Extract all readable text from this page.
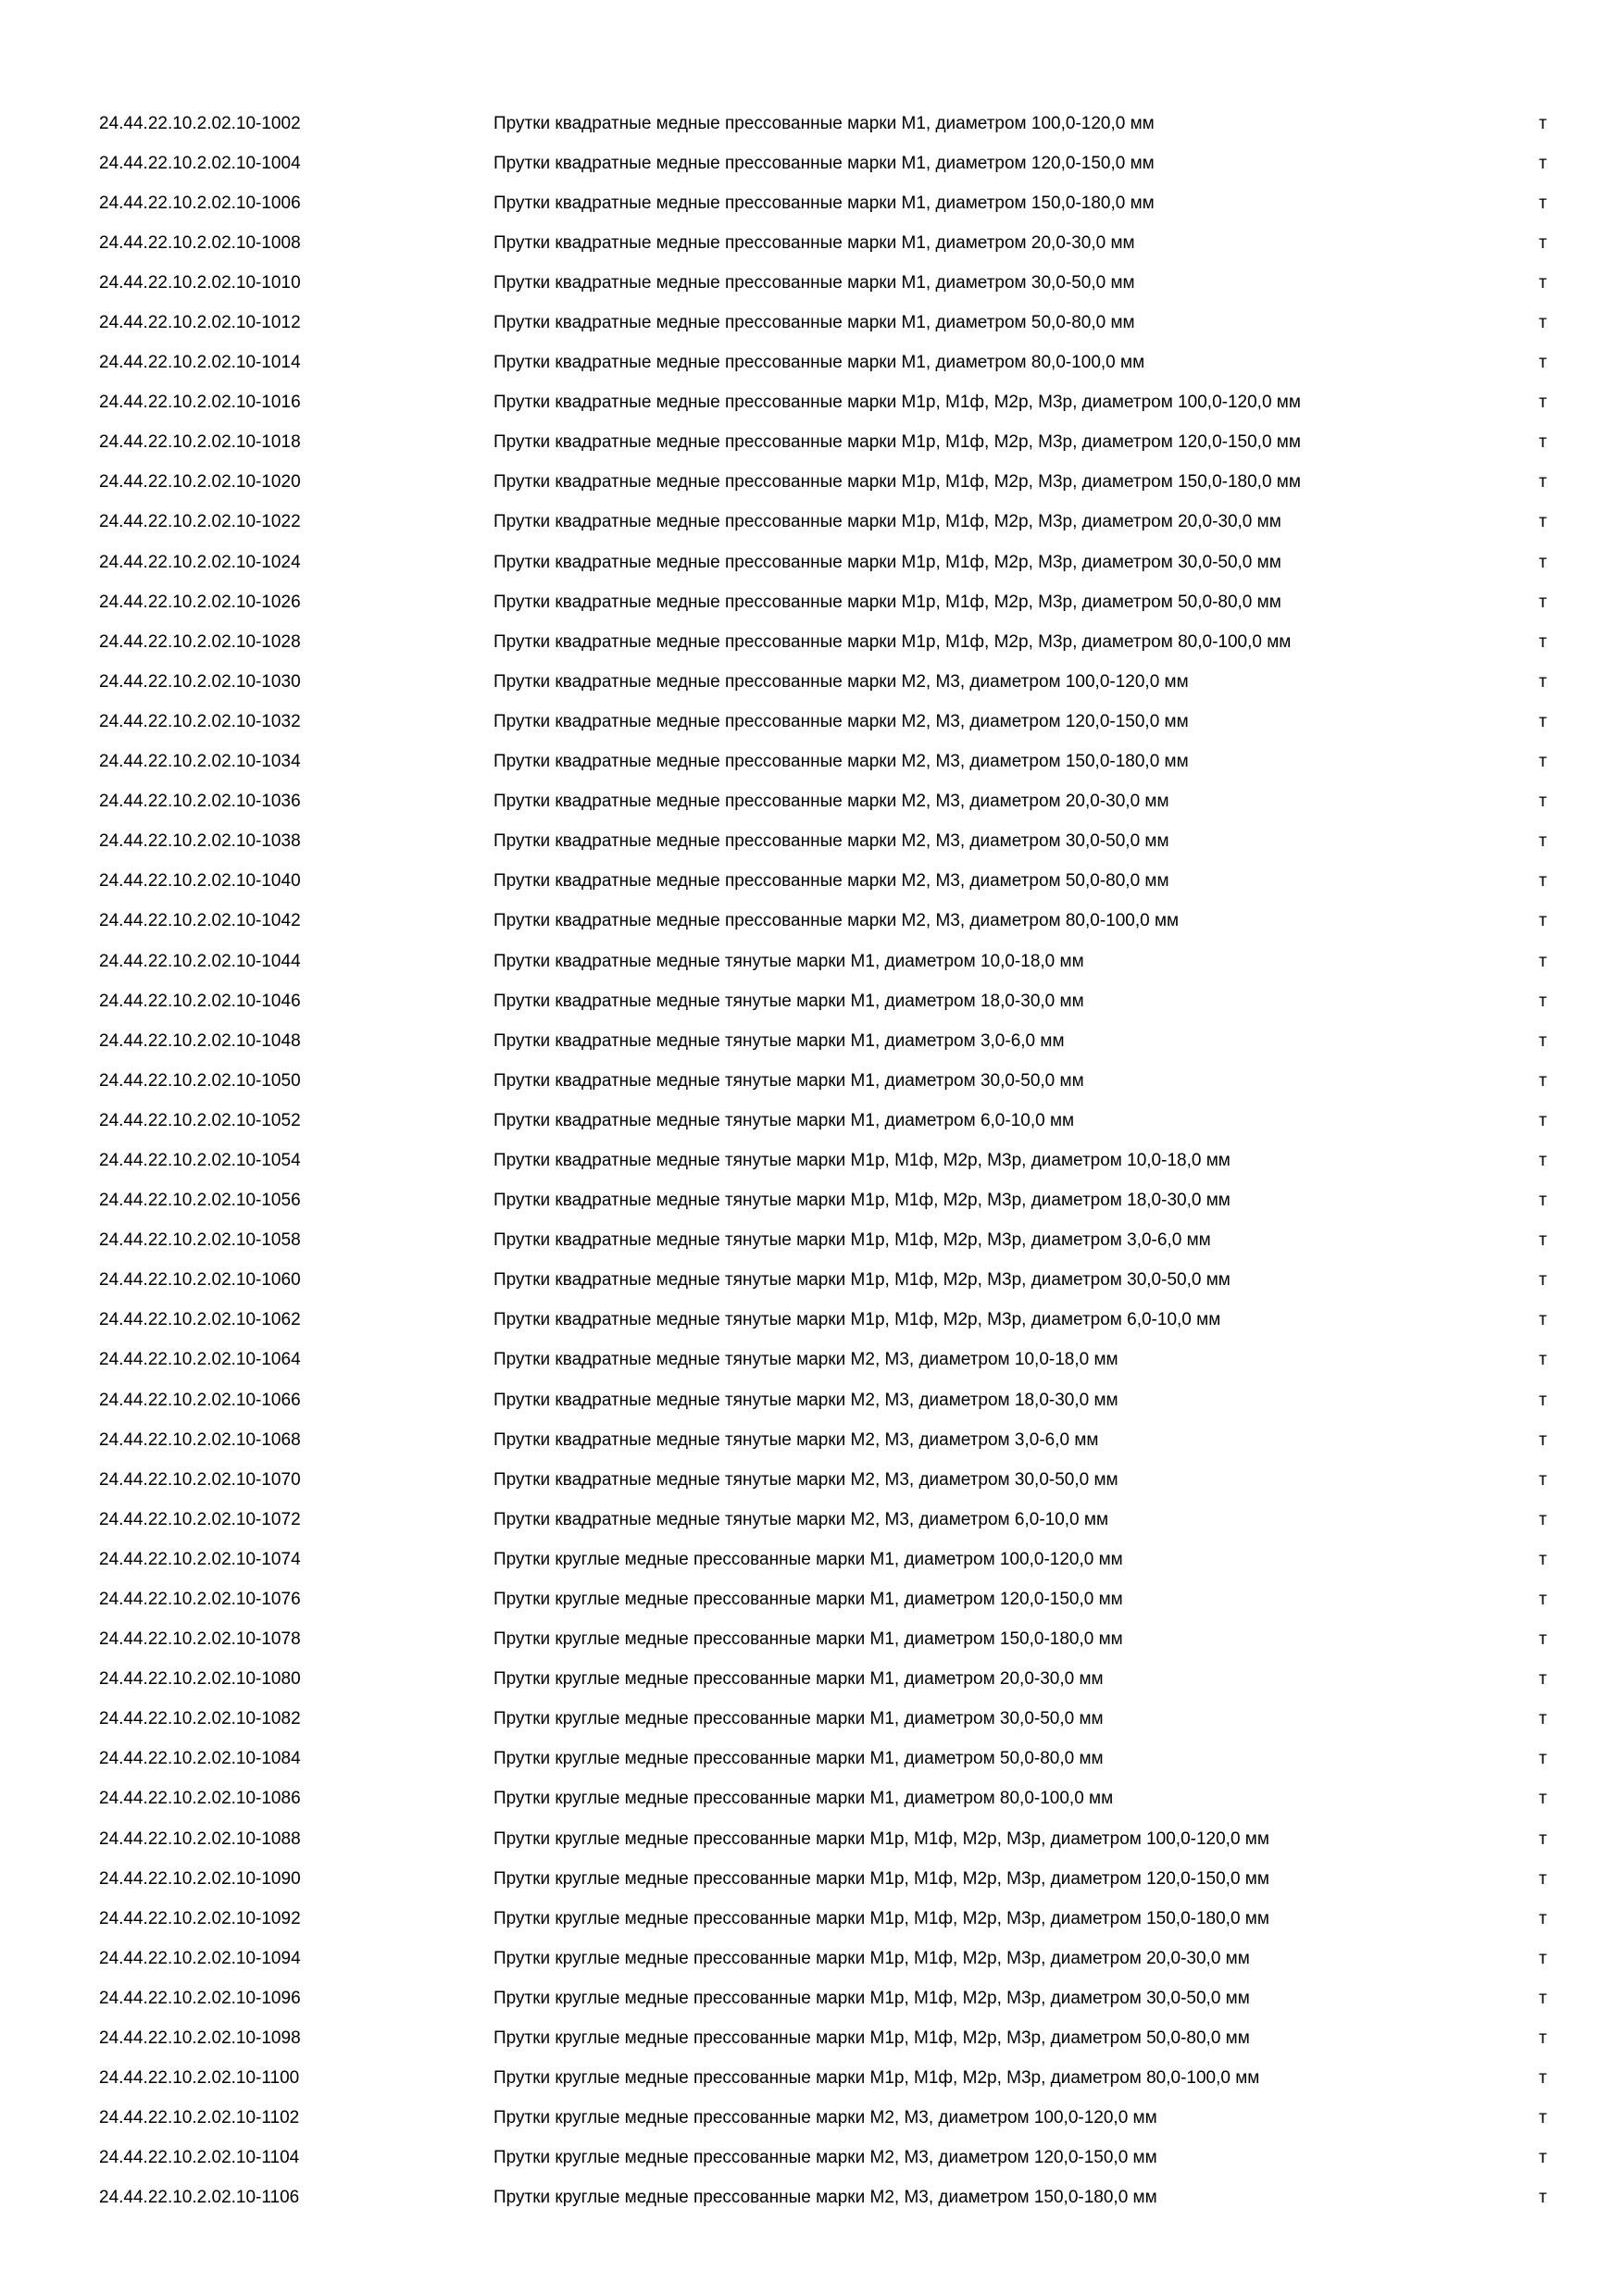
24.44.22.10.2.02.10-1002	Прутки квадратные медные прессованные марки М1, диаметром 100,0-120,0 мм	т
24.44.22.10.2.02.10-1004	Прутки квадратные медные прессованные марки М1, диаметром 120,0-150,0 мм	т
24.44.22.10.2.02.10-1006	Прутки квадратные медные прессованные марки М1, диаметром 150,0-180,0 мм	т
24.44.22.10.2.02.10-1008	Прутки квадратные медные прессованные марки М1, диаметром 20,0-30,0 мм	т
24.44.22.10.2.02.10-1010	Прутки квадратные медные прессованные марки М1, диаметром 30,0-50,0 мм	т
24.44.22.10.2.02.10-1012	Прутки квадратные медные прессованные марки М1, диаметром 50,0-80,0 мм	т
24.44.22.10.2.02.10-1014	Прутки квадратные медные прессованные марки М1, диаметром 80,0-100,0 мм	т
24.44.22.10.2.02.10-1016	Прутки квадратные медные прессованные марки М1р, М1ф, М2р, М3р, диаметром 100,0-120,0 мм	т
24.44.22.10.2.02.10-1018	Прутки квадратные медные прессованные марки М1р, М1ф, М2р, М3р, диаметром 120,0-150,0 мм	т
24.44.22.10.2.02.10-1020	Прутки квадратные медные прессованные марки М1р, М1ф, М2р, М3р, диаметром 150,0-180,0 мм	т
24.44.22.10.2.02.10-1022	Прутки квадратные медные прессованные марки М1р, М1ф, М2р, М3р, диаметром 20,0-30,0 мм	т
24.44.22.10.2.02.10-1024	Прутки квадратные медные прессованные марки М1р, М1ф, М2р, М3р, диаметром 30,0-50,0 мм	т
24.44.22.10.2.02.10-1026	Прутки квадратные медные прессованные марки М1р, М1ф, М2р, М3р, диаметром 50,0-80,0 мм	т
24.44.22.10.2.02.10-1028	Прутки квадратные медные прессованные марки М1р, М1ф, М2р, М3р, диаметром 80,0-100,0 мм	т
24.44.22.10.2.02.10-1030	Прутки квадратные медные прессованные марки М2, М3, диаметром 100,0-120,0 мм	т
24.44.22.10.2.02.10-1032	Прутки квадратные медные прессованные марки М2, М3, диаметром 120,0-150,0 мм	т
24.44.22.10.2.02.10-1034	Прутки квадратные медные прессованные марки М2, М3, диаметром 150,0-180,0 мм	т
24.44.22.10.2.02.10-1036	Прутки квадратные медные прессованные марки М2, М3, диаметром 20,0-30,0 мм	т
24.44.22.10.2.02.10-1038	Прутки квадратные медные прессованные марки М2, М3, диаметром 30,0-50,0 мм	т
24.44.22.10.2.02.10-1040	Прутки квадратные медные прессованные марки М2, М3, диаметром 50,0-80,0 мм	т
24.44.22.10.2.02.10-1042	Прутки квадратные медные прессованные марки М2, М3, диаметром 80,0-100,0 мм	т
24.44.22.10.2.02.10-1044	Прутки квадратные медные тянутые марки М1, диаметром 10,0-18,0 мм	т
24.44.22.10.2.02.10-1046	Прутки квадратные медные тянутые марки М1, диаметром 18,0-30,0 мм	т
24.44.22.10.2.02.10-1048	Прутки квадратные медные тянутые марки М1, диаметром 3,0-6,0 мм	т
24.44.22.10.2.02.10-1050	Прутки квадратные медные тянутые марки М1, диаметром 30,0-50,0 мм	т
24.44.22.10.2.02.10-1052	Прутки квадратные медные тянутые марки М1, диаметром 6,0-10,0 мм	т
24.44.22.10.2.02.10-1054	Прутки квадратные медные тянутые марки М1р, М1ф, М2р, М3р, диаметром 10,0-18,0 мм	т
24.44.22.10.2.02.10-1056	Прутки квадратные медные тянутые марки М1р, М1ф, М2р, М3р, диаметром 18,0-30,0 мм	т
24.44.22.10.2.02.10-1058	Прутки квадратные медные тянутые марки М1р, М1ф, М2р, М3р, диаметром 3,0-6,0 мм	т
24.44.22.10.2.02.10-1060	Прутки квадратные медные тянутые марки М1р, М1ф, М2р, М3р, диаметром 30,0-50,0 мм	т
24.44.22.10.2.02.10-1062	Прутки квадратные медные тянутые марки М1р, М1ф, М2р, М3р, диаметром 6,0-10,0 мм	т
24.44.22.10.2.02.10-1064	Прутки квадратные медные тянутые марки М2, М3, диаметром 10,0-18,0 мм	т
24.44.22.10.2.02.10-1066	Прутки квадратные медные тянутые марки М2, М3, диаметром 18,0-30,0 мм	т
24.44.22.10.2.02.10-1068	Прутки квадратные медные тянутые марки М2, М3, диаметром 3,0-6,0 мм	т
24.44.22.10.2.02.10-1070	Прутки квадратные медные тянутые марки М2, М3, диаметром 30,0-50,0 мм	т
24.44.22.10.2.02.10-1072	Прутки квадратные медные тянутые марки М2, М3, диаметром 6,0-10,0 мм	т
24.44.22.10.2.02.10-1074	Прутки круглые медные прессованные марки М1, диаметром 100,0-120,0 мм	т
24.44.22.10.2.02.10-1076	Прутки круглые медные прессованные марки М1, диаметром 120,0-150,0 мм	т
24.44.22.10.2.02.10-1078	Прутки круглые медные прессованные марки М1, диаметром 150,0-180,0 мм	т
24.44.22.10.2.02.10-1080	Прутки круглые медные прессованные марки М1, диаметром 20,0-30,0 мм	т
24.44.22.10.2.02.10-1082	Прутки круглые медные прессованные марки М1, диаметром 30,0-50,0 мм	т
24.44.22.10.2.02.10-1084	Прутки круглые медные прессованные марки М1, диаметром 50,0-80,0 мм	т
24.44.22.10.2.02.10-1086	Прутки круглые медные прессованные марки М1, диаметром 80,0-100,0 мм	т
24.44.22.10.2.02.10-1088	Прутки круглые медные прессованные марки М1р, М1ф, М2р, М3р, диаметром 100,0-120,0 мм	т
24.44.22.10.2.02.10-1090	Прутки круглые медные прессованные марки М1р, М1ф, М2р, М3р, диаметром 120,0-150,0 мм	т
24.44.22.10.2.02.10-1092	Прутки круглые медные прессованные марки М1р, М1ф, М2р, М3р, диаметром 150,0-180,0 мм	т
24.44.22.10.2.02.10-1094	Прутки круглые медные прессованные марки М1р, М1ф, М2р, М3р, диаметром 20,0-30,0 мм	т
24.44.22.10.2.02.10-1096	Прутки круглые медные прессованные марки М1р, М1ф, М2р, М3р, диаметром 30,0-50,0 мм	т
24.44.22.10.2.02.10-1098	Прутки круглые медные прессованные марки М1р, М1ф, М2р, М3р, диаметром 50,0-80,0 мм	т
24.44.22.10.2.02.10-1100	Прутки круглые медные прессованные марки М1р, М1ф, М2р, М3р, диаметром 80,0-100,0 мм	т
24.44.22.10.2.02.10-1102	Прутки круглые медные прессованные марки М2, М3, диаметром 100,0-120,0 мм	т
24.44.22.10.2.02.10-1104	Прутки круглые медные прессованные марки М2, М3, диаметром 120,0-150,0 мм	т
24.44.22.10.2.02.10-1106	Прутки круглые медные прессованные марки М2, М3, диаметром 150,0-180,0 мм	т
